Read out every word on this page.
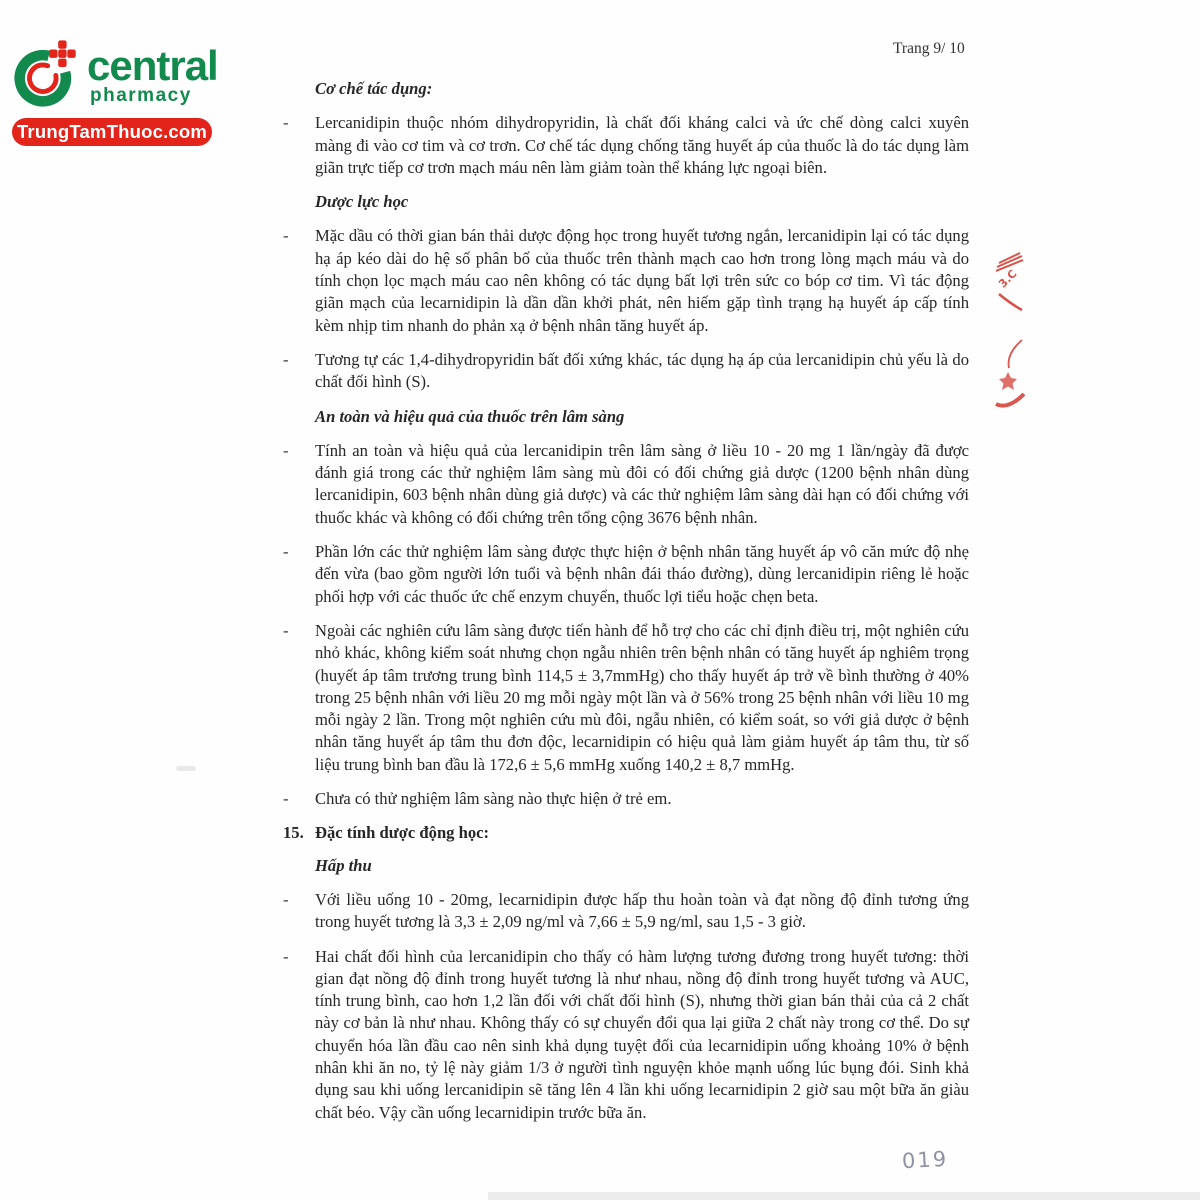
central
pharmacy
TrungTamThuoc.com
Trang 9/ 10
Cơ chế tác dụng:
-	Lercanidipin thuộc nhóm dihydropyridin, là chất đối kháng calci và ức chế dòng calci xuyên màng đi vào cơ tim và cơ trơn. Cơ chế tác dụng chống tăng huyết áp của thuốc là do tác dụng làm giãn trực tiếp cơ trơn mạch máu nên làm giảm toàn thể kháng lực ngoại biên.

Dược lực học
-	Mặc dầu có thời gian bán thải dược động học trong huyết tương ngắn, lercanidipin lại có tác dụng hạ áp kéo dài do hệ số phân bố của thuốc trên thành mạch cao hơn trong lòng mạch máu và do tính chọn lọc mạch máu cao nên không có tác dụng bất lợi trên sức co bóp cơ tim. Vì tác động giãn mạch của lecarnidipin là dần dần khởi phát, nên hiếm gặp tình trạng hạ huyết áp cấp tính kèm nhịp tim nhanh do phản xạ ở bệnh nhân tăng huyết áp.

-	Tương tự các 1,4-dihydropyridin bất đối xứng khác, tác dụng hạ áp của lercanidipin chủ yếu là do chất đối hình (S).

An toàn và hiệu quả của thuốc trên lâm sàng
-	Tính an toàn và hiệu quả của lercanidipin trên lâm sàng ở liều 10 - 20 mg 1 lần/ngày đã được đánh giá trong các thử nghiệm lâm sàng mù đôi có đối chứng giả dược (1200 bệnh nhân dùng lercanidipin, 603 bệnh nhân dùng giả dược) và các thử nghiệm lâm sàng dài hạn có đối chứng với thuốc khác và không có đối chứng trên tổng cộng 3676 bệnh nhân.

-	Phần lớn các thử nghiệm lâm sàng được thực hiện ở bệnh nhân tăng huyết áp vô căn mức độ nhẹ đến vừa (bao gồm người lớn tuổi và bệnh nhân đái tháo đường), dùng lercanidipin riêng lẻ hoặc phối hợp với các thuốc ức chế enzym chuyển, thuốc lợi tiểu hoặc chẹn beta.

-	Ngoài các nghiên cứu lâm sàng được tiến hành để hỗ trợ cho các chỉ định điều trị, một nghiên cứu nhỏ khác, không kiểm soát nhưng chọn ngẫu nhiên trên bệnh nhân có tăng huyết áp nghiêm trọng (huyết áp tâm trương trung bình 114,5 ± 3,7mmHg) cho thấy huyết áp trở về bình thường ở 40% trong 25 bệnh nhân với liều 20 mg mỗi ngày một lần và ở 56% trong 25 bệnh nhân với liều 10 mg mỗi ngày 2 lần. Trong một nghiên cứu mù đôi, ngẫu nhiên, có kiểm soát, so với giả dược ở bệnh nhân tăng huyết áp tâm thu đơn độc, lecarnidipin có hiệu quả làm giảm huyết áp tâm thu, từ số liệu trung bình ban đầu là 172,6 ± 5,6 mmHg xuống 140,2 ± 8,7 mmHg.

-	Chưa có thử nghiệm lâm sàng nào thực hiện ở trẻ em.

15. Đặc tính dược động học:
Hấp thu
-	Với liều uống 10 - 20mg, lecarnidipin được hấp thu hoàn toàn và đạt nồng độ đỉnh tương ứng trong huyết tương là 3,3 ± 2,09 ng/ml và 7,66 ± 5,9 ng/ml, sau 1,5 - 3 giờ.

-	Hai chất đối hình của lercanidipin cho thấy có hàm lượng tương đương trong huyết tương: thời gian đạt nồng độ đỉnh trong huyết tương là như nhau, nồng độ đỉnh trong huyết tương và AUC, tính trung bình, cao hơn 1,2 lần đối với chất đối hình (S), nhưng thời gian bán thải của cả 2 chất này cơ bản là như nhau. Không thấy có sự chuyển đổi qua lại giữa 2 chất này trong cơ thể. Do sự chuyển hóa lần đầu cao nên sinh khả dụng tuyệt đối của lecarnidipin uống khoảng 10% ở bệnh nhân khi ăn no, tỷ lệ này giảm 1/3 ở người tình nguyện khỏe mạnh uống lúc bụng đói. Sinh khả dụng sau khi uống lercanidipin sẽ tăng lên 4 lần khi uống lecarnidipin 2 giờ sau một bữa ăn giàu chất béo. Vậy cần uống lecarnidipin trước bữa ăn.

3.C
019
